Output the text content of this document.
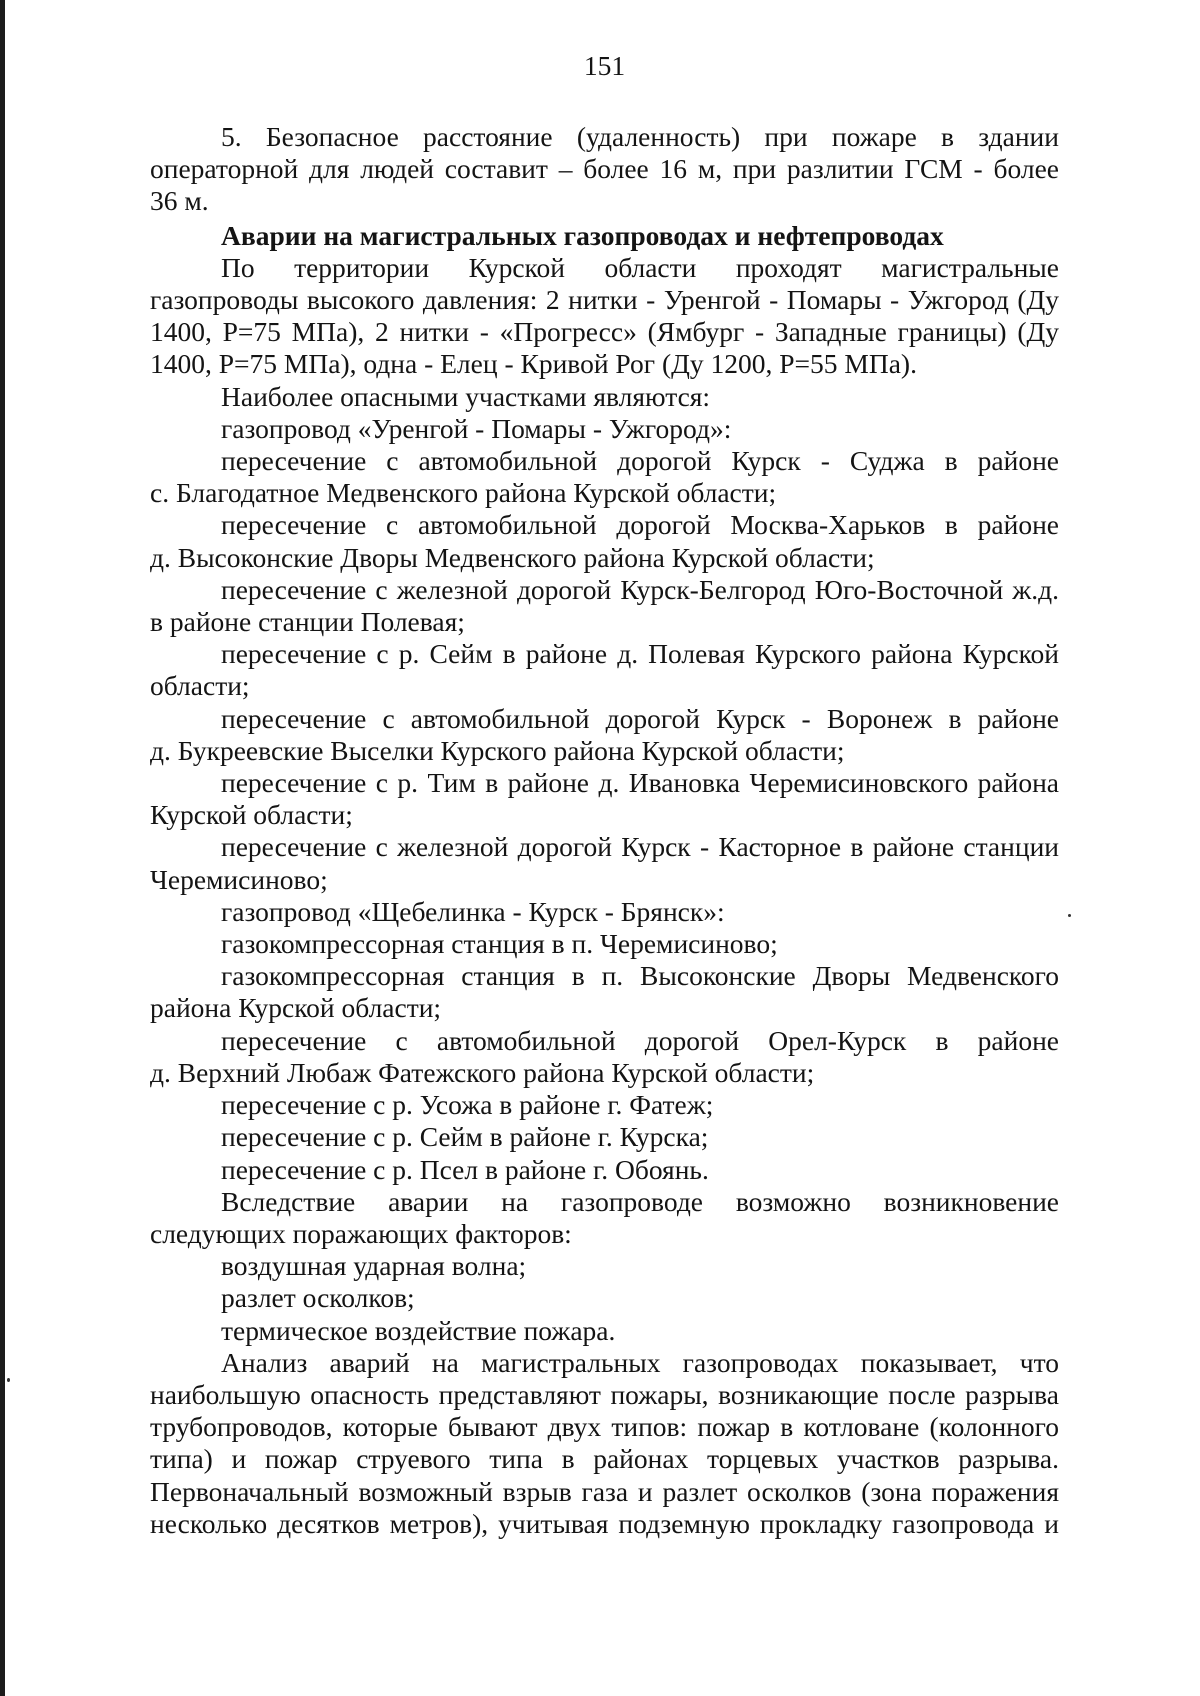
151

5. Безопасное расстояние (удаленность) при пожаре в здании

операторной для людей составит – более 16 м, при разлитии ГСМ - более

36 м.

Аварии на магистральных газопроводах и нефтепроводах

По территории Курской области проходят магистральные

газопроводы высокого давления: 2 нитки - Уренгой - Помары - Ужгород (Ду 1400, Р=75 МПа), 2 нитки - «Прогресс» (Ямбург - Западные границы) (Ду 1400, Р=75 МПа), одна - Елец - Кривой Рог (Ду 1200, Р=55 МПа).

Наиболее опасными участками являются:

газопровод «Уренгой - Помары - Ужгород»:

пересечение с автомобильной дорогой Курск - Суджа в районе

с. Благодатное Медвенского района Курской области;

пересечение с автомобильной дорогой Москва-Харьков в районе

д. Высоконские Дворы Медвенского района Курской области;

пересечение с железной дорогой Курск-Белгород Юго-Восточной ж.д.

в районе станции Полевая;

пересечение с р. Сейм в районе д. Полевая Курского района Курской

области;

пересечение с автомобильной дорогой Курск - Воронеж в районе

д. Букреевские Выселки Курского района Курской области;

пересечение с р. Тим в районе д. Ивановка Черемисиновского района

Курской области;

пересечение с железной дорогой Курск - Касторное в районе станции

Черемисиново;

газопровод «Щебелинка - Курск - Брянск»:

газокомпрессорная станция в п. Черемисиново;

газокомпрессорная станция в п. Высоконские Дворы Медвенского

района Курской области;

пересечение с автомобильной дорогой Орел-Курск в районе

д. Верхний Любаж Фатежского района Курской области;

пересечение с р. Усожа в районе г. Фатеж;

пересечение с р. Сейм в районе г. Курска;

пересечение с р. Псел в районе г. Обоянь.

Вследствие аварии на газопроводе возможно возникновение

следующих поражающих факторов:

воздушная ударная волна;

разлет осколков;

термическое воздействие пожара.

Анализ аварий на магистральных газопроводах показывает, что

наибольшую опасность представляют пожары, возникающие после разрыва трубопроводов, которые бывают двух типов: пожар в котловане (колонного типа) и пожар струевого типа в районах торцевых участков разрыва. Первоначальный возможный взрыв газа и разлет осколков (зона поражения несколько десятков метров), учитывая подземную прокладку газопровода и
